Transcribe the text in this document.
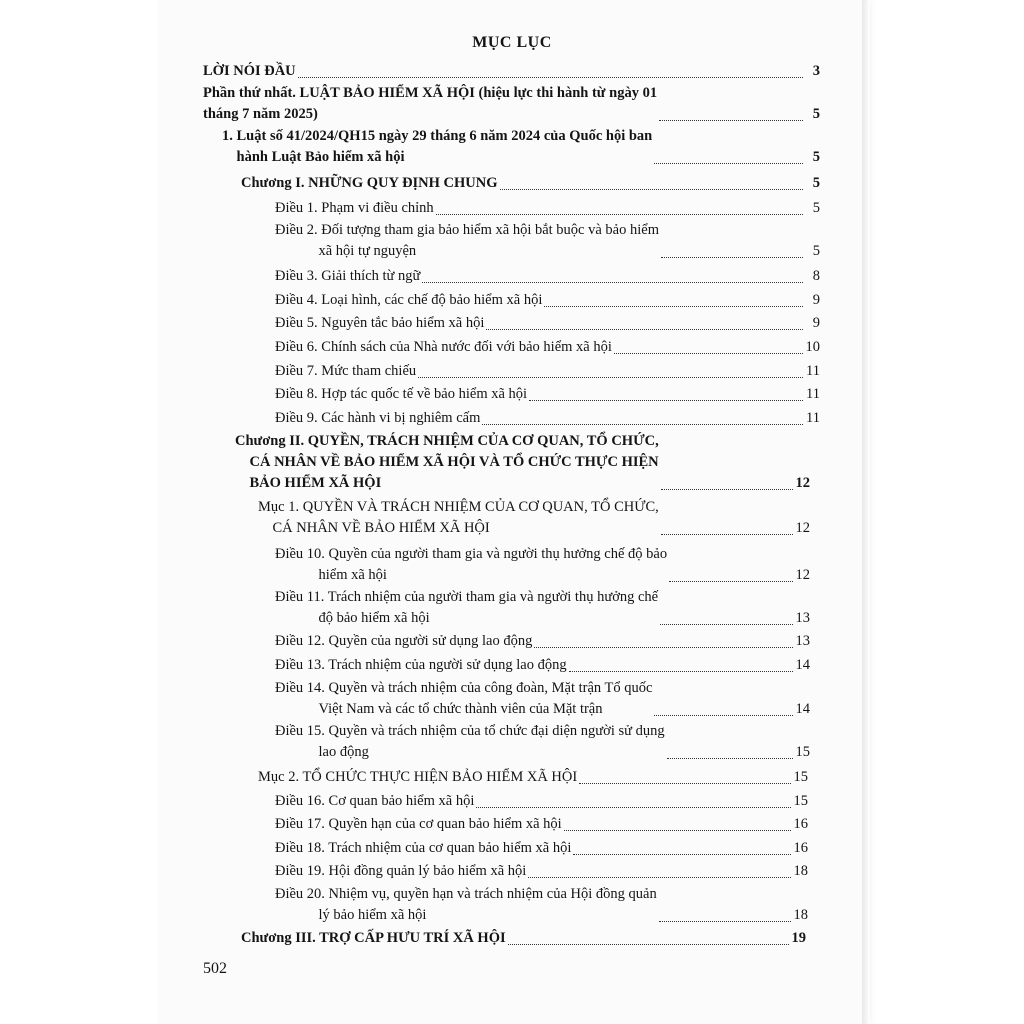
MỤC LỤC
LỜI NÓI ĐẦU	3
Phần thứ nhất. LUẬT BẢO HIỂM XÃ HỘI (hiệu lực thi hành từ ngày 01
tháng 7 năm 2025)	5
1. Luật số 41/2024/QH15 ngày 29 tháng 6 năm 2024 của Quốc hội ban
hành Luật Bảo hiểm xã hội	5
Chương I. NHỮNG QUY ĐỊNH CHUNG	5
Điều 1. Phạm vi điều chỉnh	5
Điều 2. Đối tượng tham gia bảo hiểm xã hội bắt buộc và bảo hiểm
xã hội tự nguyện	5
Điều 3. Giải thích từ ngữ	8
Điều 4. Loại hình, các chế độ bảo hiểm xã hội	9
Điều 5. Nguyên tắc bảo hiểm xã hội	9
Điều 6. Chính sách của Nhà nước đối với bảo hiểm xã hội	10
Điều 7. Mức tham chiếu	11
Điều 8. Hợp tác quốc tế về bảo hiểm xã hội	11
Điều 9. Các hành vi bị nghiêm cấm	11
Chương II. QUYỀN, TRÁCH NHIỆM CỦA CƠ QUAN, TỔ CHỨC,
CÁ NHÂN VỀ BẢO HIỂM XÃ HỘI VÀ TỔ CHỨC THỰC HIỆN
BẢO HIỂM XÃ HỘI	12
Mục 1. QUYỀN VÀ TRÁCH NHIỆM CỦA CƠ QUAN, TỔ CHỨC,
CÁ NHÂN VỀ BẢO HIỂM XÃ HỘI	12
Điều 10. Quyền của người tham gia và người thụ hưởng chế độ bảo
hiểm xã hội	12
Điều 11. Trách nhiệm của người tham gia và người thụ hưởng chế
độ bảo hiểm xã hội	13
Điều 12. Quyền của người sử dụng lao động	13
Điều 13. Trách nhiệm của người sử dụng lao động	14
Điều 14. Quyền và trách nhiệm của công đoàn, Mặt trận Tổ quốc
Việt Nam và các tổ chức thành viên của Mặt trận	14
Điều 15. Quyền và trách nhiệm của tổ chức đại diện người sử dụng
lao động	15
Mục 2. TỔ CHỨC THỰC HIỆN BẢO HIỂM XÃ HỘI	15
Điều 16. Cơ quan bảo hiểm xã hội	15
Điều 17. Quyền hạn của cơ quan bảo hiểm xã hội	16
Điều 18. Trách nhiệm của cơ quan bảo hiểm xã hội	16
Điều 19. Hội đồng quản lý bảo hiểm xã hội	18
Điều 20. Nhiệm vụ, quyền hạn và trách nhiệm của Hội đồng quản
lý bảo hiểm xã hội	18
Chương III. TRỢ CẤP HƯU TRÍ XÃ HỘI	19
502
